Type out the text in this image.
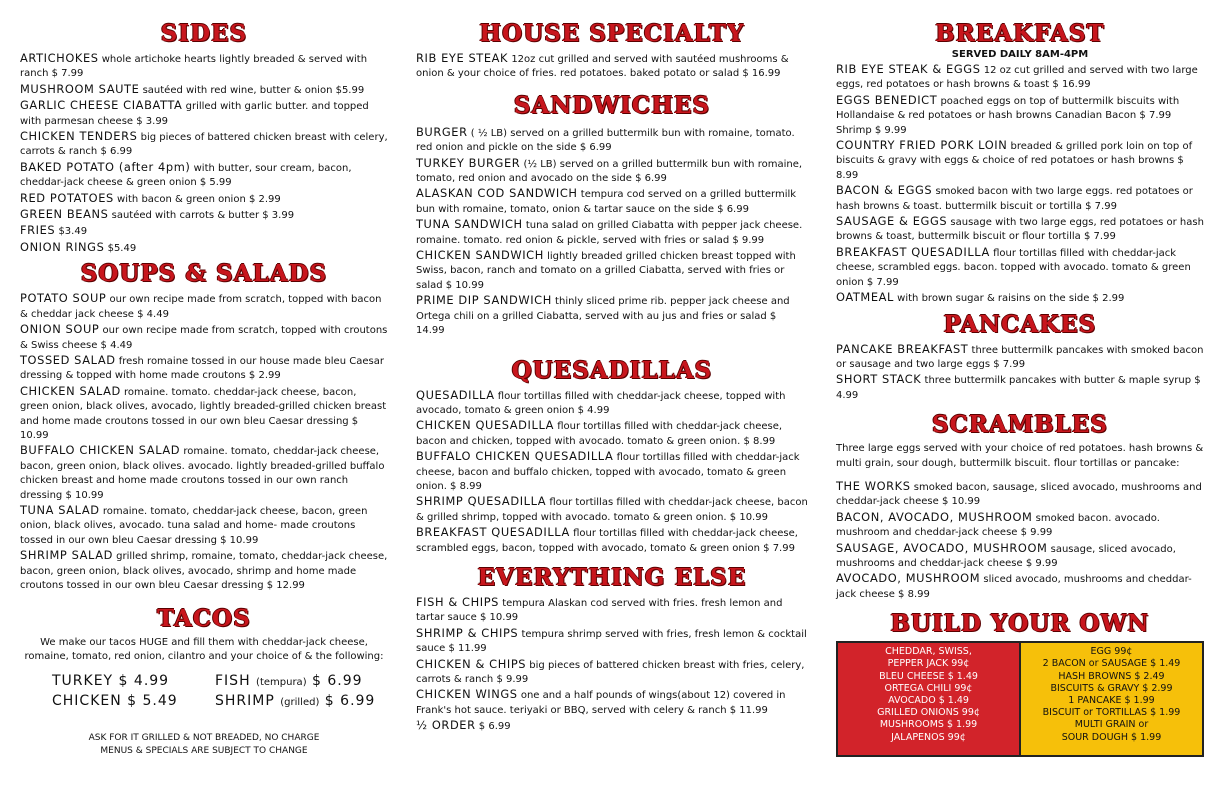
SIDES

ARTICHOKES whole artichoke hearts lightly breaded & served with ranch $ 7.99

MUSHROOM SAUTE sautéed with red wine, butter & onion $5.99

GARLIC CHEESE CIABATTA grilled with garlic butter. and topped with parmesan cheese $ 3.99

CHICKEN TENDERS big pieces of battered chicken breast with celery, carrots & ranch $ 6.99

BAKED POTATO (after 4pm) with butter, sour cream, bacon, cheddar-jack cheese & green onion $ 5.99

RED POTATOES with bacon & green onion $ 2.99

GREEN BEANS sautéed with carrots & butter $ 3.99

FRIES $3.49

ONION RINGS $5.49

SOUPS & SALADS

POTATO SOUP our own recipe made from scratch, topped with bacon & cheddar jack cheese $ 4.49

ONION SOUP our own recipe made from scratch, topped with croutons & Swiss cheese $ 4.49

TOSSED SALAD fresh romaine tossed in our house made bleu Caesar dressing & topped with home made croutons $ 2.99

CHICKEN SALAD romaine. tomato. cheddar-jack cheese, bacon, green onion, black olives, avocado, lightly breaded-grilled chicken breast and home made croutons tossed in our own bleu Caesar dressing $ 10.99

BUFFALO CHICKEN SALAD romaine. tomato, cheddar-jack cheese, bacon, green onion, black olives. avocado. lightly breaded-grilled buffalo chicken breast and home made croutons tossed in our own ranch dressing $ 10.99

TUNA SALAD romaine. tomato, cheddar-jack cheese, bacon, green onion, black olives, avocado. tuna salad and home- made croutons tossed in our own bleu Caesar dressing $ 10.99

SHRIMP SALAD grilled shrimp, romaine, tomato, cheddar-jack cheese, bacon, green onion, black olives, avocado, shrimp and home made croutons tossed in our own bleu Caesar dressing $ 12.99

TACOS
We make our tacos HUGE and fill them with cheddar-jack cheese, romaine, tomato, red onion, cilantro and your choice of & the following:
TURKEY $ 4.99	FISH (tempura) $ 6.99
CHICKEN $ 5.49	SHRIMP (grilled) $ 6.99
ASK FOR IT GRILLED & NOT BREADED, NO CHARGE
MENUS & SPECIALS ARE SUBJECT TO CHANGE
HOUSE SPECIALTY

RIB EYE STEAK 12oz cut grilled and served with sautéed mushrooms & onion & your choice of fries. red potatoes. baked potato or salad $ 16.99

SANDWICHES

BURGER ( ½ LB) served on a grilled buttermilk bun with romaine, tomato. red onion and pickle on the side $ 6.99

TURKEY BURGER (½ LB) served on a grilled buttermilk bun with romaine, tomato, red onion and avocado on the side $ 6.99

ALASKAN COD SANDWICH tempura cod served on a grilled buttermilk bun with romaine, tomato, onion & tartar sauce on the side $ 6.99

TUNA SANDWICH tuna salad on grilled Ciabatta with pepper jack cheese. romaine. tomato. red onion & pickle, served with fries or salad $ 9.99

CHICKEN SANDWICH lightly breaded grilled chicken breast topped with Swiss, bacon, ranch and tomato on a grilled Ciabatta, served with fries or salad $ 10.99

PRIME DIP SANDWICH thinly sliced prime rib. pepper jack cheese and Ortega chili on a grilled Ciabatta, served with au jus and fries or salad $ 14.99

QUESADILLAS

QUESADILLA flour tortillas filled with cheddar-jack cheese, topped with avocado, tomato & green onion $ 4.99

CHICKEN QUESADILLA flour tortillas filled with cheddar-jack cheese, bacon and chicken, topped with avocado. tomato & green onion. $ 8.99

BUFFALO CHICKEN QUESADILLA flour tortillas filled with cheddar-jack cheese, bacon and buffalo chicken, topped with avocado, tomato & green onion. $ 8.99

SHRIMP QUESADILLA flour tortillas filled with cheddar-jack cheese, bacon & grilled shrimp, topped with avocado. tomato & green onion. $ 10.99

BREAKFAST QUESADILLA flour tortillas filled with cheddar-jack cheese, scrambled eggs, bacon, topped with avocado, tomato & green onion $ 7.99

EVERYTHING ELSE

FISH & CHIPS tempura Alaskan cod served with fries. fresh lemon and tartar sauce $ 10.99

SHRIMP & CHIPS tempura shrimp served with fries, fresh lemon & cocktail sauce $ 11.99

CHICKEN & CHIPS big pieces of battered chicken breast with fries, celery, carrots & ranch $ 9.99

CHICKEN WINGS one and a half pounds of wings(about 12) covered in Frank's hot sauce. teriyaki or BBQ, served with celery & ranch $ 11.99

½ ORDER $ 6.99

BREAKFAST
SERVED DAILY 8AM-4PM

RIB EYE STEAK & EGGS 12 oz cut grilled and served with two large eggs, red potatoes or hash browns & toast $ 16.99

EGGS BENEDICT poached eggs on top of buttermilk biscuits with Hollandaise & red potatoes or hash browns Canadian Bacon $ 7.99 Shrimp $ 9.99

COUNTRY FRIED PORK LOIN breaded & grilled pork loin on top of biscuits & gravy with eggs & choice of red potatoes or hash browns $ 8.99

BACON & EGGS smoked bacon with two large eggs. red potatoes or hash browns & toast. buttermilk biscuit or tortilla $ 7.99

SAUSAGE & EGGS sausage with two large eggs, red potatoes or hash browns & toast, buttermilk biscuit or flour tortilla $ 7.99

BREAKFAST QUESADILLA flour tortillas filled with cheddar-jack cheese, scrambled eggs. bacon. topped with avocado. tomato & green onion $ 7.99

OATMEAL with brown sugar & raisins on the side $ 2.99

PANCAKES

PANCAKE BREAKFAST three buttermilk pancakes with smoked bacon or sausage and two large eggs $ 7.99

SHORT STACK three buttermilk pancakes with butter & maple syrup $ 4.99

SCRAMBLES
Three large eggs served with your choice of red potatoes. hash browns & multi grain, sour dough, buttermilk biscuit. flour tortillas or pancake:

THE WORKS smoked bacon, sausage, sliced avocado, mushrooms and cheddar-jack cheese $ 10.99

BACON, AVOCADO, MUSHROOM smoked bacon. avocado. mushroom and cheddar-jack cheese $ 9.99

SAUSAGE, AVOCADO, MUSHROOM sausage, sliced avocado, mushrooms and cheddar-jack cheese $ 9.99

AVOCADO, MUSHROOM sliced avocado, mushrooms and cheddar-jack cheese $ 8.99

BUILD YOUR OWN
CHEDDAR, SWISS,
PEPPER JACK 99¢
BLEU CHEESE $ 1.49
ORTEGA CHILI 99¢
AVOCADO $ 1.49
GRILLED ONIONS 99¢
MUSHROOMS $ 1.99
JALAPENOS 99¢
EGG 99¢
2 BACON or SAUSAGE $ 1.49
HASH BROWNS $ 2.49
BISCUITS & GRAVY $ 2.99
1 PANCAKE $ 1.99
BISCUIT or TORTILLAS $ 1.99
MULTI GRAIN or
SOUR DOUGH $ 1.99
